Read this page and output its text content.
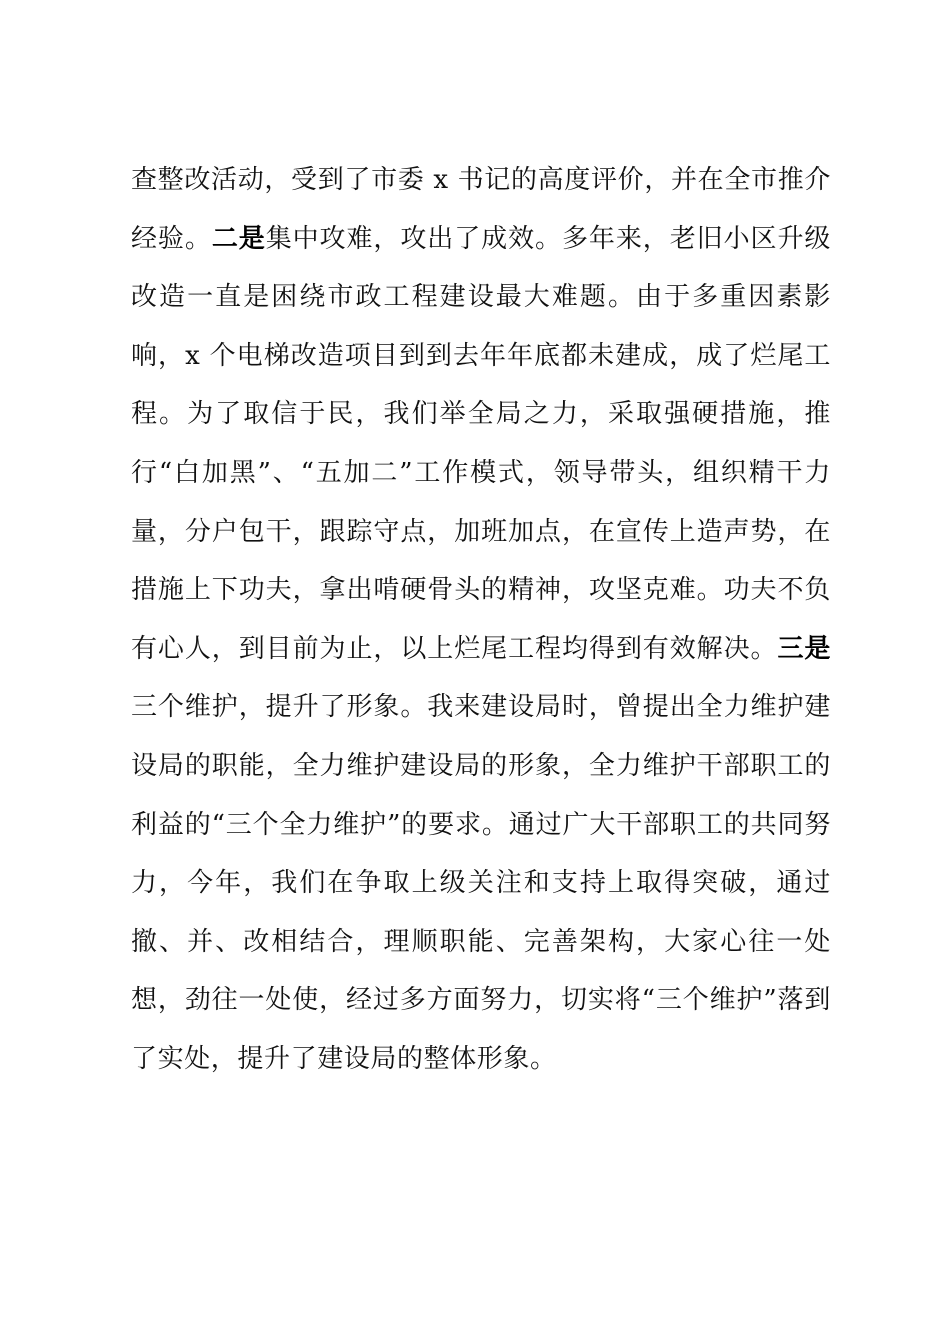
查整改活动，受到了市委 x 书记的高度评价，并在全市推介经验。二是集中攻难，攻出了成效。多年来，老旧小区升级改造一直是困绕市政工程建设最大难题。由于多重因素影响，x 个电梯改造项目到到去年年底都未建成，成了烂尾工程。为了取信于民，我们举全局之力，采取强硬措施，推行“白加黑”、“五加二”工作模式，领导带头，组织精干力量，分户包干，跟踪守点，加班加点，在宣传上造声势，在措施上下功夫，拿出啃硬骨头的精神，攻坚克难。功夫不负有心人，到目前为止，以上烂尾工程均得到有效解决。三是三个维护，提升了形象。我来建设局时，曾提出全力维护建设局的职能，全力维护建设局的形象，全力维护干部职工的利益的“三个全力维护”的要求。通过广大干部职工的共同努力，今年，我们在争取上级关注和支持上取得突破，通过撤、并、改相结合，理顺职能、完善架构，大家心往一处想，劲往一处使，经过多方面努力，切实将“三个维护”落到了实处，提升了建设局的整体形象。
